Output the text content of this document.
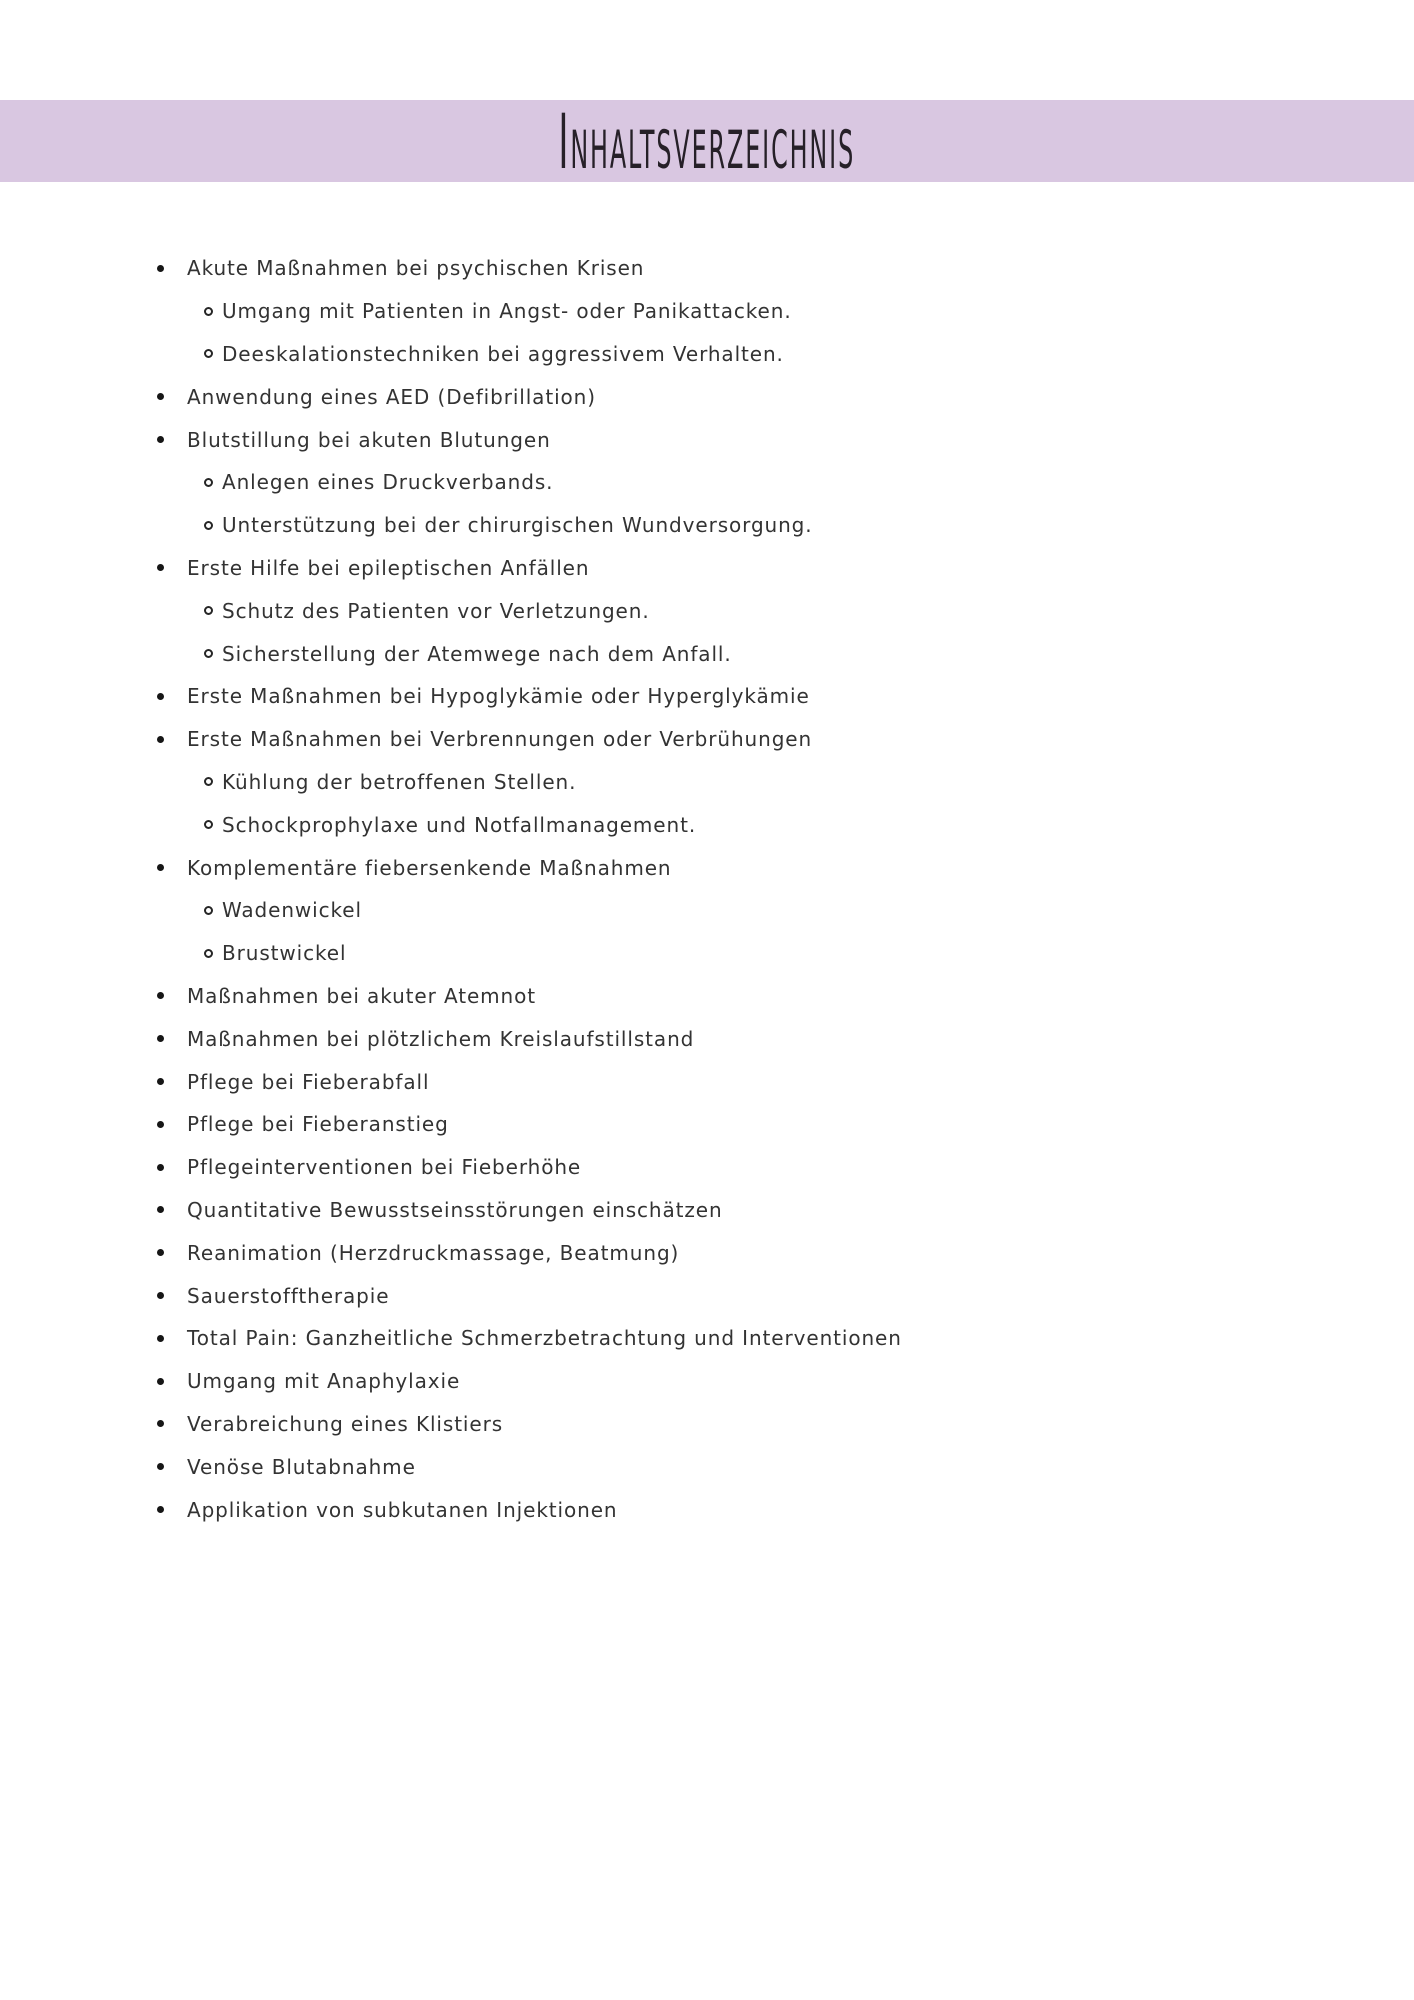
Inhaltsverzeichnis
Akute Maßnahmen bei psychischen Krisen
Umgang mit Patienten in Angst- oder Panikattacken.
Deeskalationstechniken bei aggressivem Verhalten.
Anwendung eines AED (Defibrillation)
Blutstillung bei akuten Blutungen
Anlegen eines Druckverbands.
Unterstützung bei der chirurgischen Wundversorgung.
Erste Hilfe bei epileptischen Anfällen
Schutz des Patienten vor Verletzungen.
Sicherstellung der Atemwege nach dem Anfall.
Erste Maßnahmen bei Hypoglykämie oder Hyperglykämie
Erste Maßnahmen bei Verbrennungen oder Verbrühungen
Kühlung der betroffenen Stellen.
Schockprophylaxe und Notfallmanagement.
Komplementäre fiebersenkende Maßnahmen
Wadenwickel
Brustwickel
Maßnahmen bei akuter Atemnot
Maßnahmen bei plötzlichem Kreislaufstillstand
Pflege bei Fieberabfall
Pflege bei Fieberanstieg
Pflegeinterventionen bei Fieberhöhe
Quantitative Bewusstseinsstörungen einschätzen
Reanimation (Herzdruckmassage, Beatmung)
Sauerstofftherapie
Total Pain: Ganzheitliche Schmerzbetrachtung und Interventionen
Umgang mit Anaphylaxie
Verabreichung eines Klistiers
Venöse Blutabnahme
Applikation von subkutanen Injektionen
